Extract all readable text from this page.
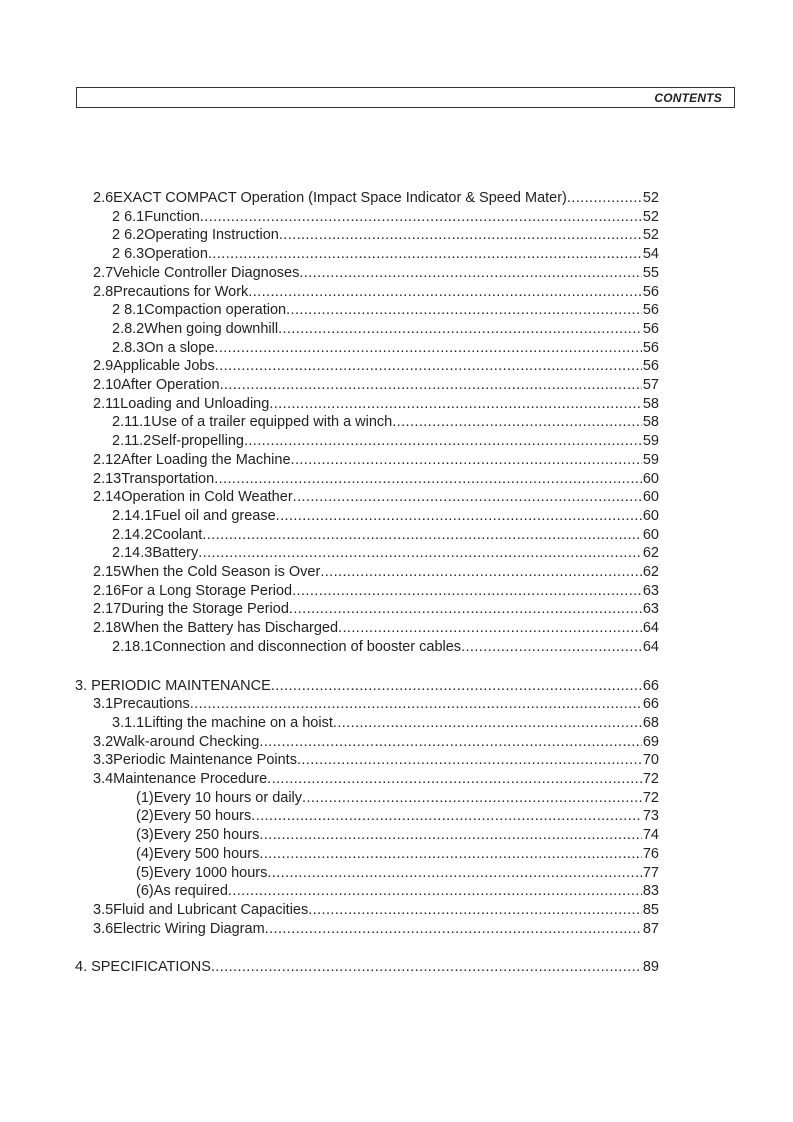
CONTENTS
2.6 EXACT COMPACT Operation (Impact Space Indicator & Speed Mater) .....	52
2 6.1 Function .....	52
2 6.2 Operating Instruction .....	52
2 6.3 Operation .....	54
2.7 Vehicle Controller Diagnoses .....	55
2.8 Precautions for Work .....	56
2 8.1 Compaction operation .....	56
2.8.2 When going downhill .....	56
2.8.3 On a slope .....	56
2.9 Applicable Jobs .....	56
2.10 After Operation .....	57
2.11 Loading and Unloading .....	58
2.11.1 Use of a trailer equipped with a winch .....	58
2.11.2 Self-propelling .....	59
2.12 After Loading the Machine .....	59
2.13 Transportation .....	60
2.14 Operation in Cold Weather .....	60
2.14.1 Fuel oil and grease .....	60
2.14.2 Coolant .....	60
2.14.3 Battery .....	62
2.15 When the Cold Season is Over .....	62
2.16 For a Long Storage Period .....	63
2.17 During the Storage Period .....	63
2.18 When the Battery has Discharged .....	64
2.18.1 Connection and disconnection of booster cables .....	64
3. PERIODIC MAINTENANCE .....	66
3.1 Precautions .....	66
3.1.1 Lifting the machine on a hoist .....	68
3.2 Walk-around Checking .....	69
3.3 Periodic Maintenance Points .....	70
3.4 Maintenance Procedure .....	72
(1) Every 10 hours or daily .....	72
(2) Every 50 hours .....	73
(3) Every 250 hours .....	74
(4) Every 500 hours .....	76
(5) Every 1000 hours .....	77
(6) As required .....	83
3.5 Fluid and Lubricant Capacities .....	85
3.6 Electric Wiring Diagram .....	87
4. SPECIFICATIONS .....	89
